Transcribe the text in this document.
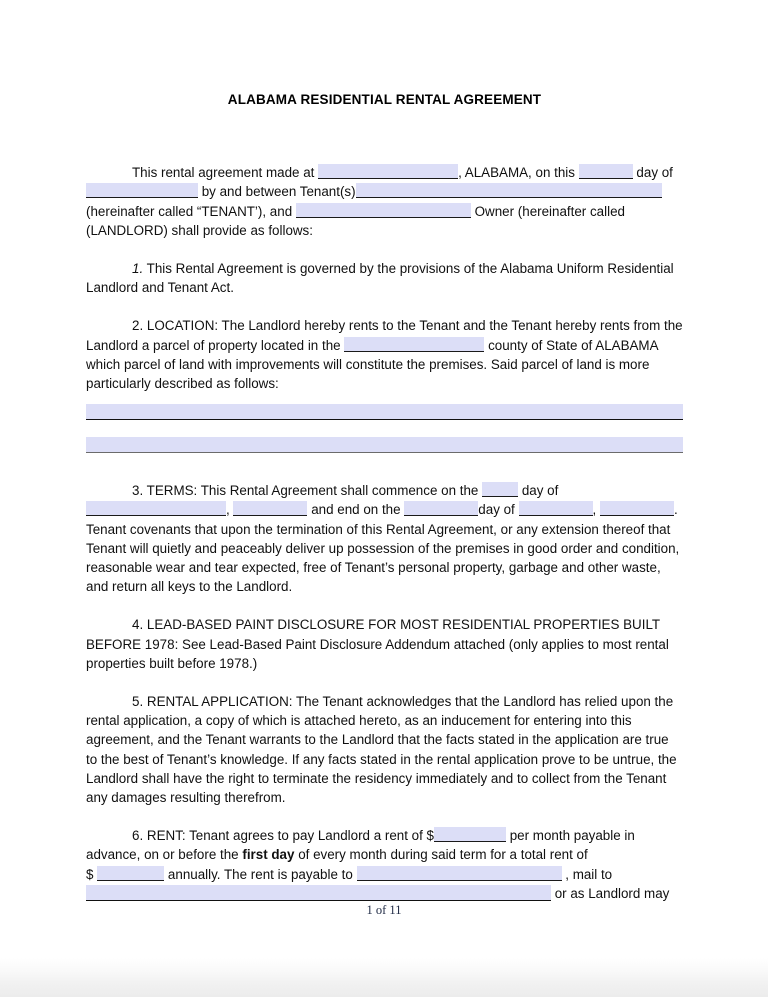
ALABAMA RESIDENTIAL RENTAL AGREEMENT

This rental agreement made at	, ALABAMA, on this	day of
by and between Tenant(s)
(hereinafter called “TENANT’), and	Owner (hereinafter called
(LANDLORD) shall provide as follows:

1. This Rental Agreement is governed by the provisions of the Alabama Uniform Residential Landlord and Tenant Act.

2. LOCATION: The Landlord hereby rents to the Tenant and the Tenant hereby rents from the Landlord a parcel of property located in the	county of State of ALABAMA which parcel of land with improvements will constitute the premises. Said parcel of land is more particularly described as follows:

3. TERMS: This Rental Agreement shall commence on the	day of
,	and end on the	day of	,	. Tenant covenants that upon the termination of this Rental Agreement, or any extension thereof that Tenant will quietly and peaceably deliver up possession of the premises in good order and condition, reasonable wear and tear expected, free of Tenant’s personal property, garbage and other waste, and return all keys to the Landlord.

4. LEAD-BASED PAINT DISCLOSURE FOR MOST RESIDENTIAL PROPERTIES BUILT BEFORE 1978: See Lead-Based Paint Disclosure Addendum attached (only applies to most rental properties built before 1978.)

5. RENTAL APPLICATION: The Tenant acknowledges that the Landlord has relied upon the rental application, a copy of which is attached hereto, as an inducement for entering into this agreement, and the Tenant warrants to the Landlord that the facts stated in the application are true to the best of Tenant’s knowledge. If any facts stated in the rental application prove to be untrue, the Landlord shall have the right to terminate the residency immediately and to collect from the Tenant any damages resulting therefrom.

6. RENT: Tenant agrees to pay Landlord a rent of $	per month payable in advance, on or before the first day of every month during said term for a total rent of
$	annually. The rent is payable to	, mail to
or as Landlord may

1 of 11
